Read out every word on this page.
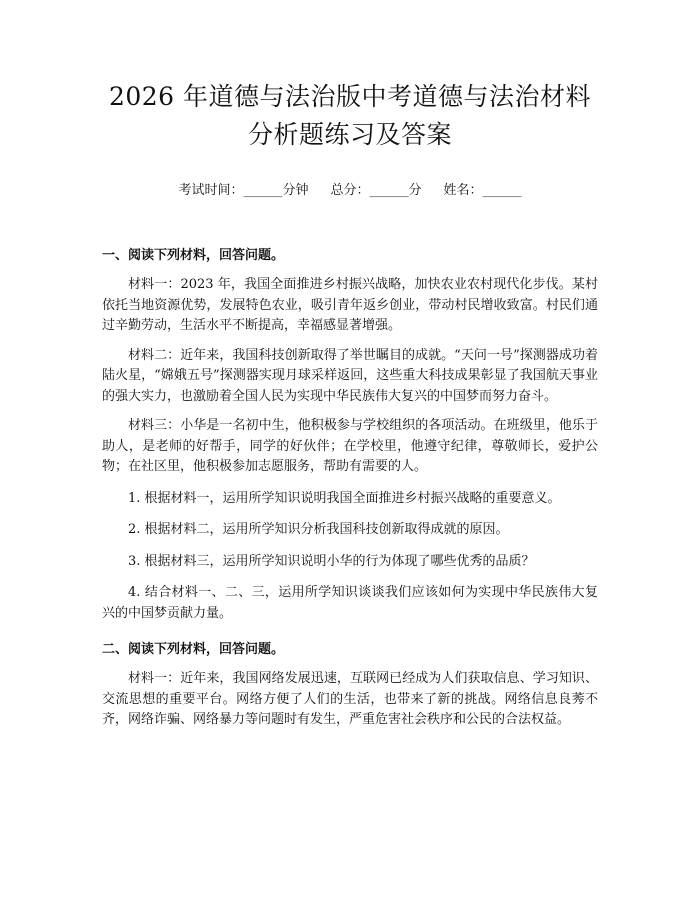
2026 年道德与法治版中考道德与法治材料分析题练习及答案
考试时间：______分钟 总分：______分 姓名：______

一、阅读下列材料，回答问题。

材料一：2023 年，我国全面推进乡村振兴战略，加快农业农村现代化步伐。某村依托当地资源优势，发展特色农业，吸引青年返乡创业，带动村民增收致富。村民们通过辛勤劳动，生活水平不断提高，幸福感显著增强。

材料二：近年来，我国科技创新取得了举世瞩目的成就。“天问一号”探测器成功着陆火星，“嫦娥五号”探测器实现月球采样返回，这些重大科技成果彰显了我国航天事业的强大实力，也激励着全国人民为实现中华民族伟大复兴的中国梦而努力奋斗。

材料三：小华是一名初中生，他积极参与学校组织的各项活动。在班级里，他乐于助人，是老师的好帮手，同学的好伙伴；在学校里，他遵守纪律，尊敬师长，爱护公物；在社区里，他积极参加志愿服务，帮助有需要的人。

1. 根据材料一，运用所学知识说明我国全面推进乡村振兴战略的重要意义。

2. 根据材料二，运用所学知识分析我国科技创新取得成就的原因。

3. 根据材料三，运用所学知识说明小华的行为体现了哪些优秀的品质？

4. 结合材料一、二、三，运用所学知识谈谈我们应该如何为实现中华民族伟大复兴的中国梦贡献力量。

二、阅读下列材料，回答问题。

材料一：近年来，我国网络发展迅速，互联网已经成为人们获取信息、学习知识、交流思想的重要平台。网络方便了人们的生活，也带来了新的挑战。网络信息良莠不齐，网络诈骗、网络暴力等问题时有发生，严重危害社会秩序和公民的合法权益。
